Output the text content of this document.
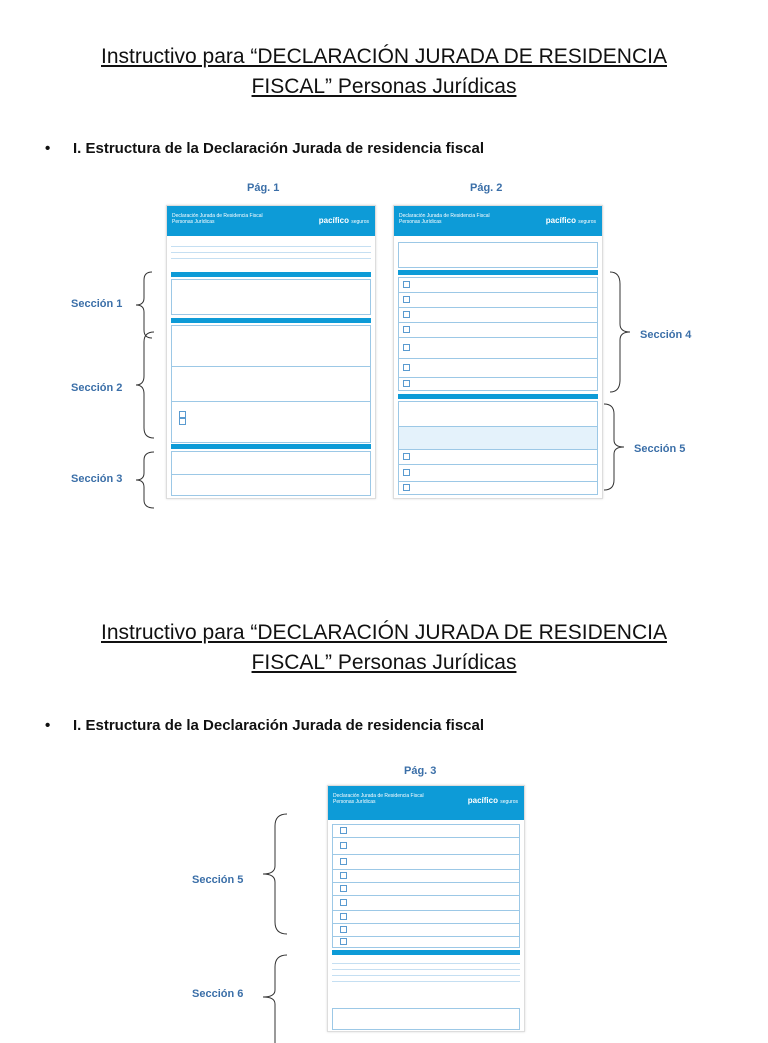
Instructivo para “DECLARACIÓN JURADA DE RESIDENCIA
FISCAL” Personas Jurídicas
• I. Estructura de la Declaración Jurada de residencia fiscal
Pág. 1	Pág. 2
Declaración Jurada de Residencia Fiscal
Personas Jurídicas	pacífico seguros
Declaración Jurada de Residencia Fiscal
Personas Jurídicas	pacífico seguros
Sección 1
Sección 2
Sección 3
Sección 4
Sección 5
Instructivo para “DECLARACIÓN JURADA DE RESIDENCIA
FISCAL” Personas Jurídicas
• I. Estructura de la Declaración Jurada de residencia fiscal
Pág. 3
Declaración Jurada de Residencia Fiscal
Personas Jurídicas	pacífico seguros
Sección 5
Sección 6
